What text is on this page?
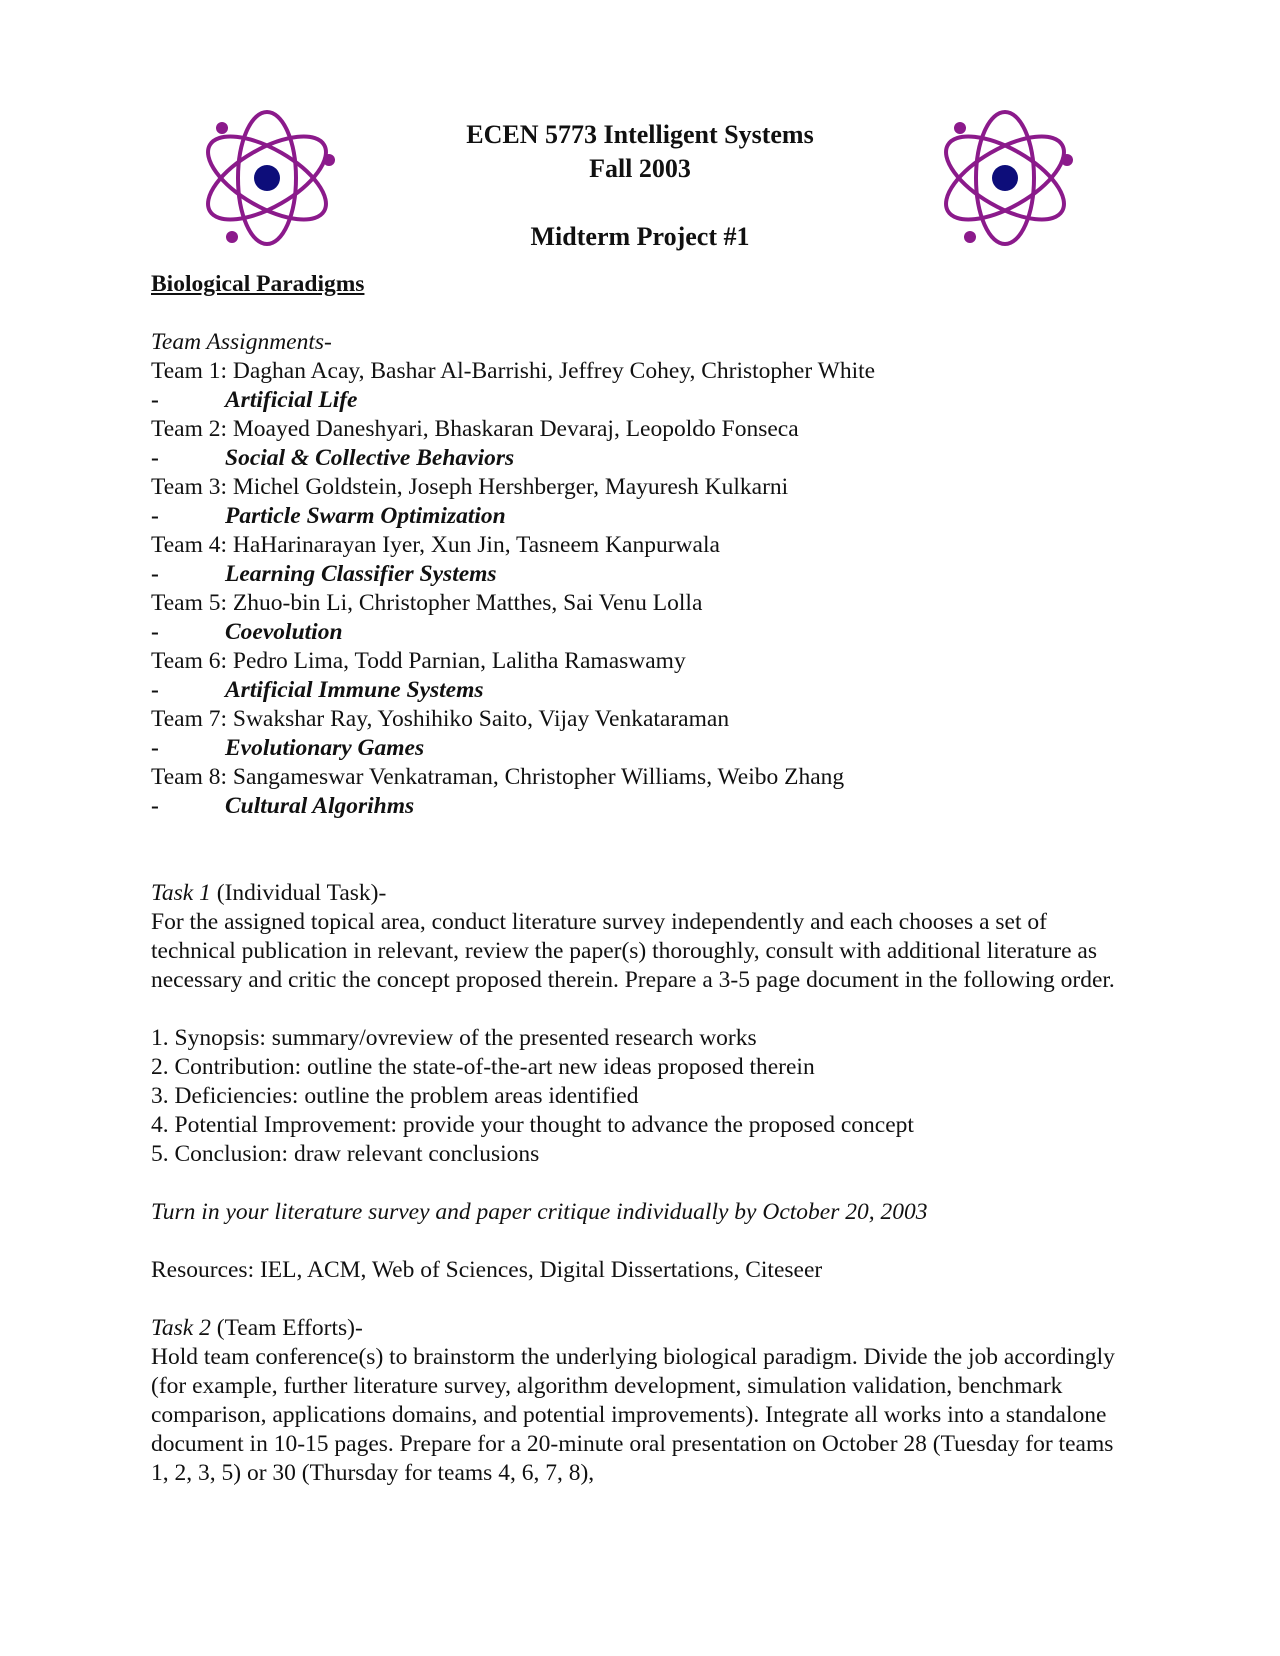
ECEN 5773 Intelligent Systems
Fall 2003
Midterm Project #1

Biological Paradigms

Team Assignments-

Team 1: Daghan Acay, Bashar Al-Barrishi, Jeffrey Cohey, Christopher White

-	Artificial Life

Team 2: Moayed Daneshyari, Bhaskaran Devaraj, Leopoldo Fonseca

-	Social & Collective Behaviors

Team 3: Michel Goldstein, Joseph Hershberger, Mayuresh Kulkarni

-	Particle Swarm Optimization

Team 4: HaHarinarayan Iyer, Xun Jin, Tasneem Kanpurwala

-	Learning Classifier Systems

Team 5: Zhuo-bin Li, Christopher Matthes, Sai Venu Lolla

-	Coevolution

Team 6: Pedro Lima, Todd Parnian, Lalitha Ramaswamy

-	Artificial Immune Systems

Team 7: Swakshar Ray, Yoshihiko Saito, Vijay Venkataraman

-	Evolutionary Games

Team 8: Sangameswar Venkatraman, Christopher Williams, Weibo Zhang

-	Cultural Algorihms

Task 1 (Individual Task)-

For the assigned topical area, conduct literature survey independently and each chooses a set of technical publication in relevant, review the paper(s) thoroughly, consult with additional literature as necessary and critic the concept proposed therein. Prepare a 3-5 page document in the following order.

1. Synopsis: summary/ovreview of the presented research works

2. Contribution: outline the state-of-the-art new ideas proposed therein

3. Deficiencies: outline the problem areas identified

4. Potential Improvement: provide your thought to advance the proposed concept

5. Conclusion: draw relevant conclusions

Turn in your literature survey and paper critique individually by October 20, 2003

Resources: IEL, ACM, Web of Sciences, Digital Dissertations, Citeseer

Task 2 (Team Efforts)-

Hold team conference(s) to brainstorm the underlying biological paradigm. Divide the job accordingly (for example, further literature survey, algorithm development, simulation validation, benchmark comparison, applications domains, and potential improvements). Integrate all works into a standalone document in 10-15 pages. Prepare for a 20-minute oral presentation on October 28 (Tuesday for teams 1, 2, 3, 5) or 30 (Thursday for teams 4, 6, 7, 8),
